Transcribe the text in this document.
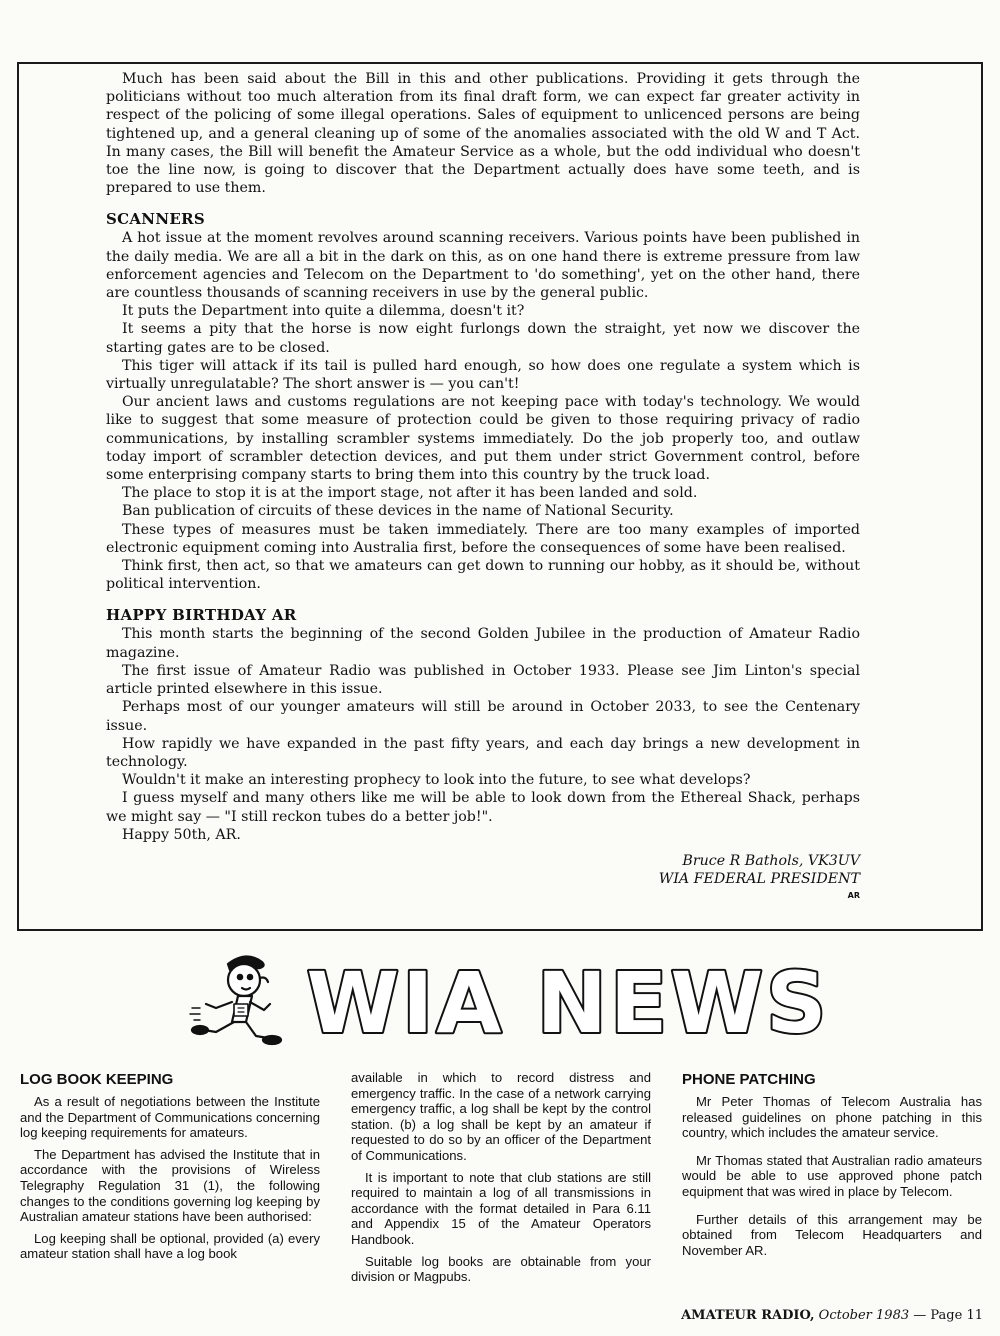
Much has been said about the Bill in this and other publications. Providing it gets through the politicians without too much alteration from its final draft form, we can expect far greater activity in respect of the policing of some illegal operations. Sales of equipment to unlicenced persons are being tightened up, and a general cleaning up of some of the anomalies associated with the old W and T Act. In many cases, the Bill will benefit the Amateur Service as a whole, but the odd individual who doesn't toe the line now, is going to discover that the Department actually does have some teeth, and is prepared to use them.

SCANNERS

A hot issue at the moment revolves around scanning receivers. Various points have been published in the daily media. We are all a bit in the dark on this, as on one hand there is extreme pressure from law enforcement agencies and Telecom on the Department to 'do something', yet on the other hand, there are countless thousands of scanning receivers in use by the general public.

It puts the Department into quite a dilemma, doesn't it?

It seems a pity that the horse is now eight furlongs down the straight, yet now we discover the starting gates are to be closed.

This tiger will attack if its tail is pulled hard enough, so how does one regulate a system which is virtually unregulatable? The short answer is — you can't!

Our ancient laws and customs regulations are not keeping pace with today's technology. We would like to suggest that some measure of protection could be given to those requiring privacy of radio communications, by installing scrambler systems immediately. Do the job properly too, and outlaw today import of scrambler detection devices, and put them under strict Government control, before some enterprising company starts to bring them into this country by the truck load.

The place to stop it is at the import stage, not after it has been landed and sold.

Ban publication of circuits of these devices in the name of National Security.

These types of measures must be taken immediately. There are too many examples of imported electronic equipment coming into Australia first, before the consequences of some have been realised.

Think first, then act, so that we amateurs can get down to running our hobby, as it should be, without political intervention.

HAPPY BIRTHDAY AR

This month starts the beginning of the second Golden Jubilee in the production of Amateur Radio magazine.

The first issue of Amateur Radio was published in October 1933. Please see Jim Linton's special article printed elsewhere in this issue.

Perhaps most of our younger amateurs will still be around in October 2033, to see the Centenary issue.

How rapidly we have expanded in the past fifty years, and each day brings a new development in technology.

Wouldn't it make an interesting prophecy to look into the future, to see what develops?

I guess myself and many others like me will be able to look down from the Ethereal Shack, perhaps we might say — "I still reckon tubes do a better job!".

Happy 50th, AR.

Bruce R Bathols, VK3UV

WIA FEDERAL PRESIDENT

AR
WIA NEWS
LOG BOOK KEEPING

As a result of negotiations between the Institute and the Department of Communications concerning log keeping requirements for amateurs.

The Department has advised the Institute that in accordance with the provisions of Wireless Telegraphy Regulation 31 (1), the following changes to the conditions governing log keeping by Australian amateur stations have been authorised:

Log keeping shall be optional, provided (a) every amateur station shall have a log book

available in which to record distress and emergency traffic. In the case of a network carrying emergency traffic, a log shall be kept by the control station. (b) a log shall be kept by an amateur if requested to do so by an officer of the Department of Communications.

It is important to note that club stations are still required to maintain a log of all transmissions in accordance with the format detailed in Para 6.11 and Appendix 15 of the Amateur Operators Handbook.

Suitable log books are obtainable from your division or Magpubs.

PHONE PATCHING

Mr Peter Thomas of Telecom Australia has released guidelines on phone patching in this country, which includes the amateur service.

Mr Thomas stated that Australian radio amateurs would be able to use approved phone patch equipment that was wired in place by Telecom.

Further details of this arrangement may be obtained from Telecom Headquarters and November AR.

AMATEUR RADIO, October 1983 — Page 11
